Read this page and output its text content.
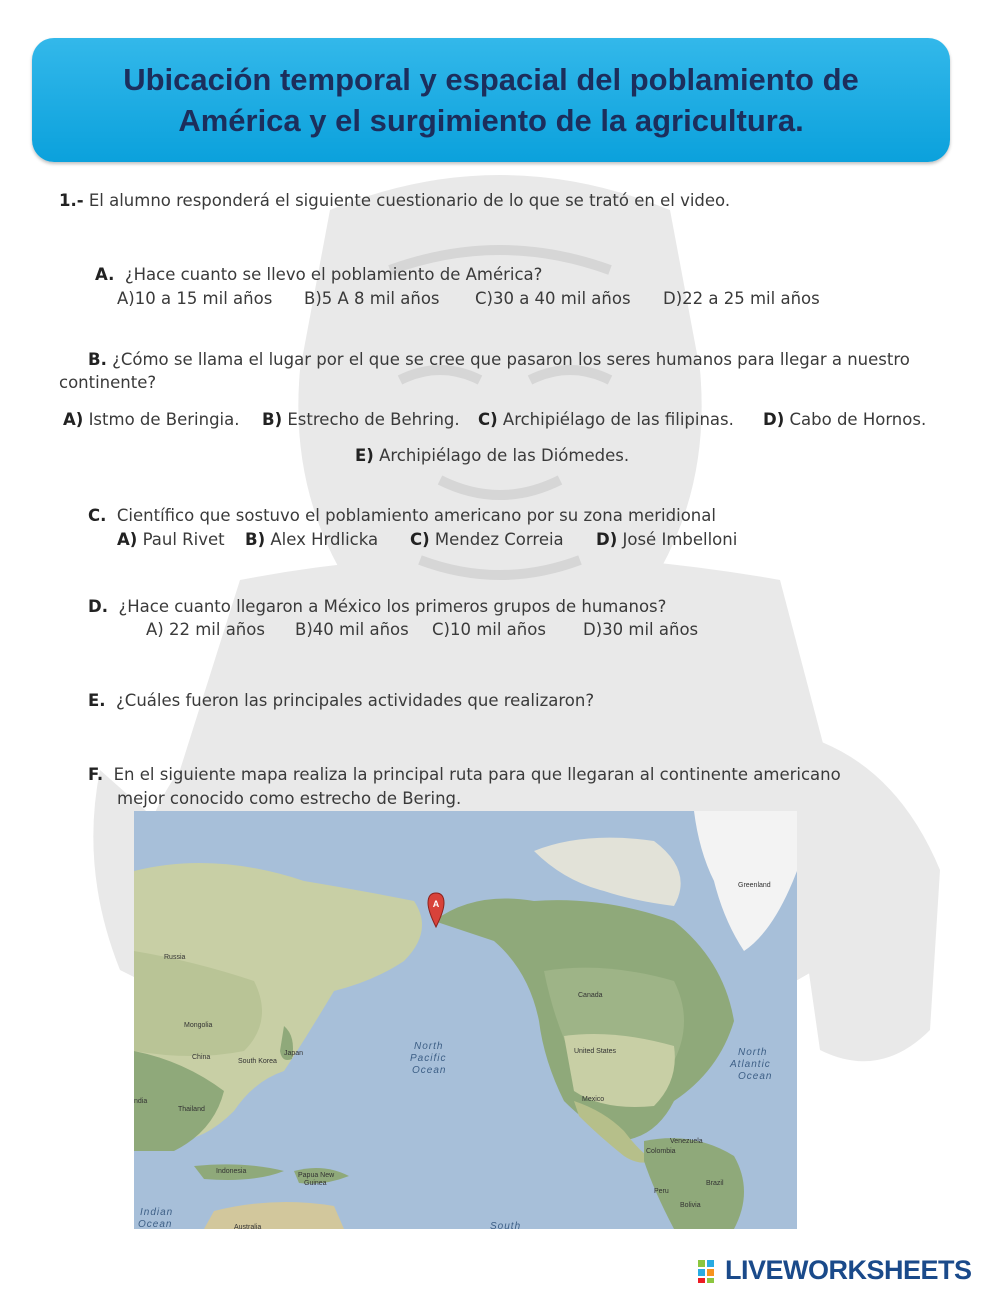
Ubicación temporal y espacial del poblamiento de América y el surgimiento de la agricultura.
1.- El alumno responderá el siguiente cuestionario de lo que se trató en el video.
A. ¿Hace cuanto se llevo el poblamiento de América?
A)10 a 15 mil años B)5 A 8 mil años C)30 a 40 mil años D)22 a 25 mil años
B. ¿Cómo se llama el lugar por el que se cree que pasaron los seres humanos para llegar a nuestro
continente?
A) Istmo de Beringia. B) Estrecho de Behring. C) Archipiélago de las filipinas. D) Cabo de Hornos.
E) Archipiélago de las Diómedes.
C. Científico que sostuvo el poblamiento americano por su zona meridional
A) Paul Rivet B) Alex Hrdlicka C) Mendez Correia D) José Imbelloni
D. ¿Hace cuanto llegaron a México los primeros grupos de humanos?
A) 22 mil años B)40 mil años C)10 mil años D)30 mil años
E. ¿Cuáles fueron las principales actividades que realizaron?
F. En el siguiente mapa realiza la principal ruta para que llegaran al continente americano
mejor conocido como estrecho de Bering.
A
Greenland
Russia
Canada
Mongolia
China
Japan
South Korea
United States
ndia
Thailand
Mexico
Venezuela
Colombia
Peru
Brazil
Bolivia
Indonesia
Papua New
Guinea
Australia
North
Pacific
Ocean
North
Atlantic
Ocean
Indian
Ocean	South
LIVEWORKSHEETS
